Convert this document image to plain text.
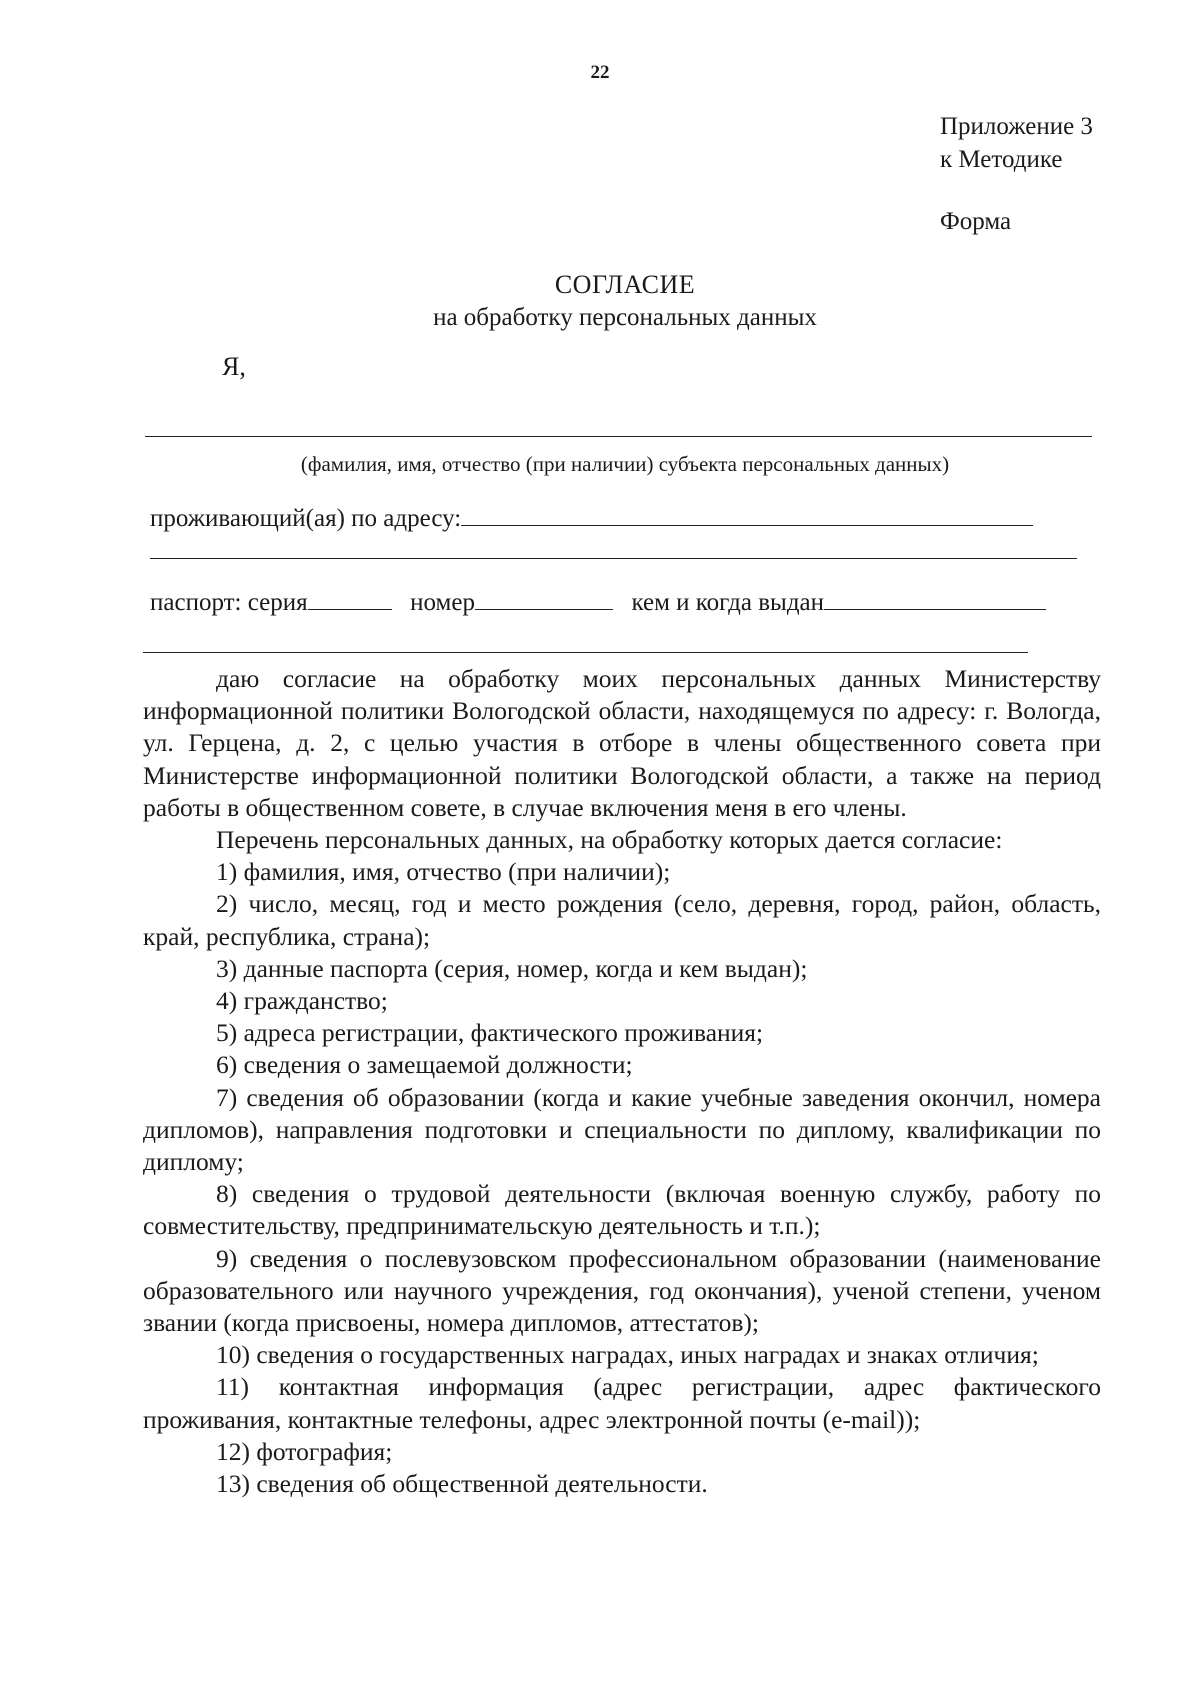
22
Приложение 3
к Методике
Форма
СОГЛАСИЕ
на обработку персональных данных
Я,
(фамилия, имя, отчество (при наличии) субъекта персональных данных)
проживающий(ая) по адресу:
паспорт: серия	номер	кем и когда выдан

даю согласие на обработку моих персональных данных Министерству информационной политики Вологодской области, находящемуся по адресу: г. Вологда, ул. Герцена, д. 2, с целью участия в отборе в члены общественного совета при Министерстве информационной политики Вологодской области, а также на период работы в общественном совете, в случае включения меня в его члены.

Перечень персональных данных, на обработку которых дается согласие:

1) фамилия, имя, отчество (при наличии);

2) число, месяц, год и место рождения (село, деревня, город, район, область, край, республика, страна);

3) данные паспорта (серия, номер, когда и кем выдан);

4) гражданство;

5) адреса регистрации, фактического проживания;

6) сведения о замещаемой должности;

7) сведения об образовании (когда и какие учебные заведения окончил, номера дипломов), направления подготовки и специальности по диплому, квалификации по диплому;

8) сведения о трудовой деятельности (включая военную службу, работу по совместительству, предпринимательскую деятельность и т.п.);

9) сведения о послевузовском профессиональном образовании (наименование образовательного или научного учреждения, год окончания), ученой степени, ученом звании (когда присвоены, номера дипломов, аттестатов);

10) сведения о государственных наградах, иных наградах и знаках отличия;

11) контактная информация (адрес регистрации, адрес фактического проживания, контактные телефоны, адрес электронной почты (e-mail));

12) фотография;

13) сведения об общественной деятельности.
